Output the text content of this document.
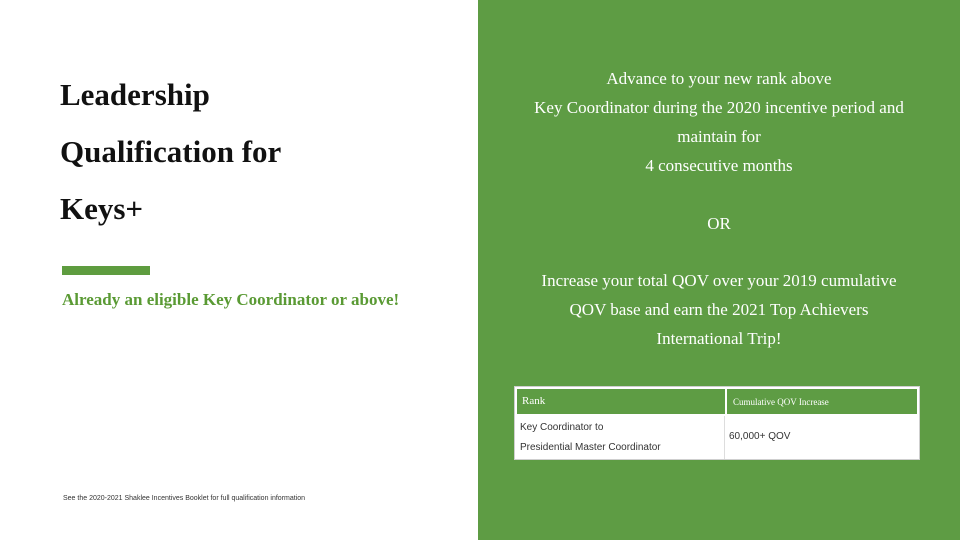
Leadership
Qualification for
Keys+
Already an eligible Key Coordinator or above!
See the 2020-2021 Shaklee Incentives Booklet for full qualification information
Advance to your new rank above
Key Coordinator during the 2020 incentive period and
maintain for
4 consecutive months
OR
Increase your total QOV over your 2019 cumulative
QOV base and earn the 2021 Top Achievers
International Trip!
Rank	Cumulative QOV Increase
Key Coordinator to
Presidential Master Coordinator
60,000+ QOV
